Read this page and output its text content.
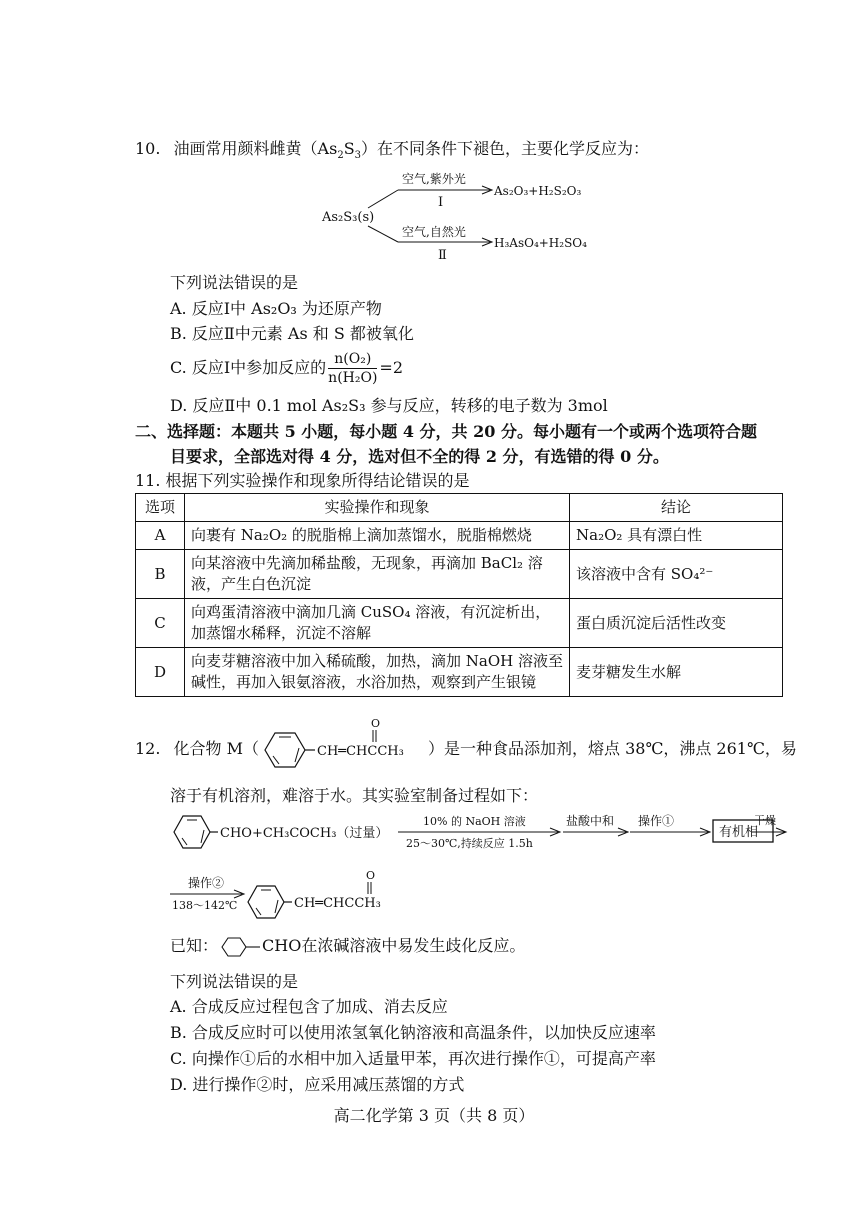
10. 油画常用颜料雌黄$(As_2S_3)$在不同条件下褪色，主要化学反应为：
As₂S₃(s)
空气,紫外光
Ⅰ
As₂O₃+H₂S₂O₃
空气,自然光
Ⅱ
H₃AsO₄+H₂SO₄
下列说法错误的是
A. 反应Ⅰ中 As₂O₃ 为还原产物
B. 反应Ⅱ中元素 As 和 S 都被氧化
C. 反应Ⅰ中参加反应的 $\frac{\text{n(O₂)}}{\text{n(H₂O)}} =2$
D. 反应Ⅱ中 0.1 mol As₂S₃ 参与反应，转移的电子数为 3mol
二、选择题：本题共 5 小题，每小题 4 分，共 20 分。每小题有一个或两个选项符合题
目要求，全部选对得 4 分，选对但不全的得 2 分，有选错的得 0 分。
11. 根据下列实验操作和现象所得结论错误的是
选项	实验操作和现象	结论
A	向裹有 Na₂O₂ 的脱脂棉上滴加蒸馏水，脱脂棉燃烧	Na₂O₂ 具有漂白性
B	向某溶液中先滴加稀盐酸，无现象，再滴加 BaCl₂ 溶液，产生白色沉淀	该溶液中含有 SO₄²⁻
C	向鸡蛋清溶液中滴加几滴 CuSO₄ 溶液，有沉淀析出，加蒸馏水稀释，沉淀不溶解	蛋白质沉淀后活性改变
D	向麦芽糖溶液中加入稀硫酸，加热，滴加 NaOH 溶液至碱性，再加入银氨溶液，水浴加热，观察到产生银镜	麦芽糖发生水解
12. 化合物 M（	CH═CHCCH₃
O
）是一种食品添加剂，熔点 38℃，沸点 261℃，易
溶于有机溶剂，难溶于水。其实验室制备过程如下：
CHO+CH₃COCH₃（过量）
10% 的 NaOH 溶液
25～30℃,持续反应 1.5h
盐酸中和 操作①
有机相
干燥
操作②
138～142℃	CH═CHCCH₃
O
已知：	CHO在浓碱溶液中易发生歧化反应。
下列说法错误的是
A. 合成反应过程包含了加成、消去反应
B. 合成反应时可以使用浓氢氧化钠溶液和高温条件，以加快反应速率
C. 向操作①后的水相中加入适量甲苯，再次进行操作①，可提高产率
D. 进行操作②时，应采用减压蒸馏的方式
高二化学第 3 页（共 8 页）
